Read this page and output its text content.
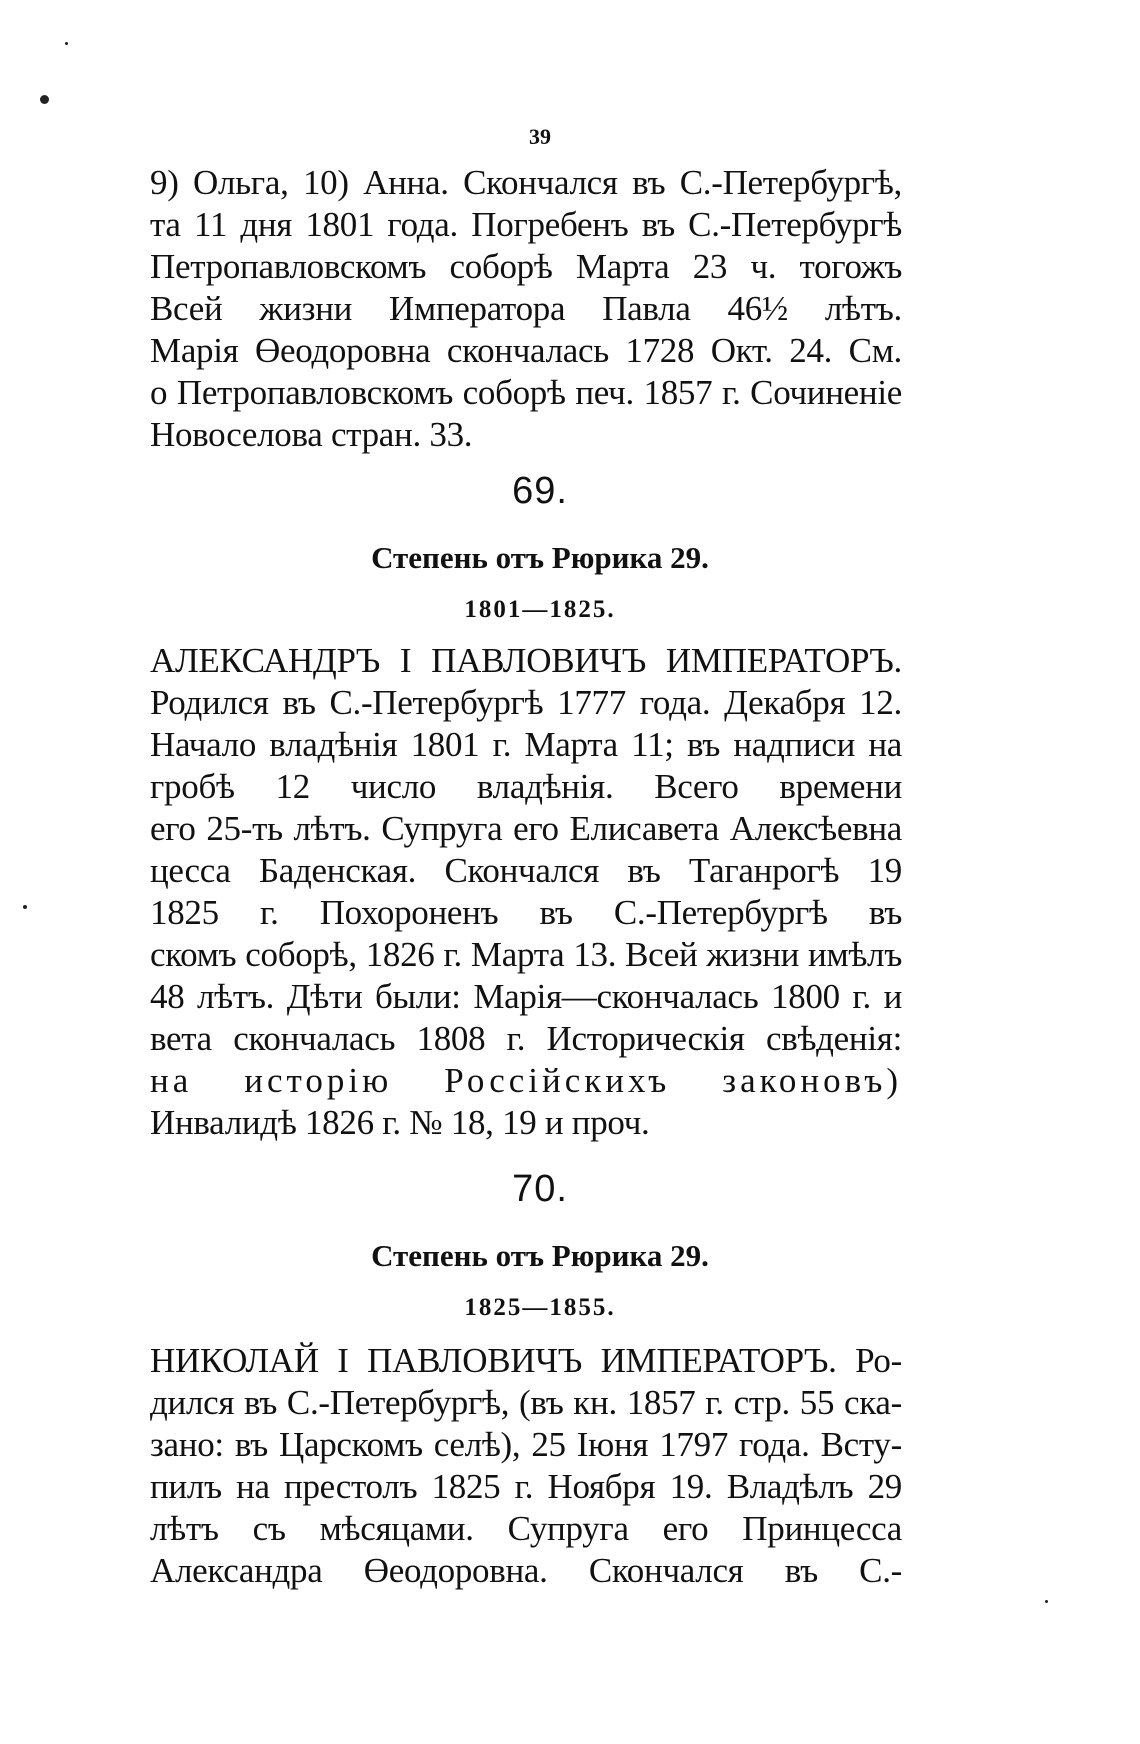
39
9) Ольга, 10) Анна. Скончался въ С.-Петербургѣ,
та 11 дня 1801 года. Погребенъ въ С.-Петербургѣ
Петропавловскомъ соборѣ Марта 23 ч. тогожъ
Всей жизни Императора Павла 46½ лѣтъ.
Марія Өеодоровна скончалась 1728 Окт. 24. См.
о Петропавловскомъ соборѣ печ. 1857 г. Сочиненіе
Новоселова стран. 33.
69.
Степень отъ Рюрика 29.
1801—1825.
АЛЕКСАНДРЪ I ПАВЛОВИЧЪ ИМПЕРАТОРЪ.
Родился въ С.-Петербургѣ 1777 года. Декабря 12.
Начало владѣнія 1801 г. Марта 11; въ надписи на
гробѣ 12 число владѣнія. Всего времени
его 25-ть лѣтъ. Супруга его Елисавета Алексѣевна
цесса Баденская. Скончался въ Таганрогѣ 19
1825 г. Похороненъ въ С.-Петербургѣ въ
скомъ соборѣ, 1826 г. Марта 13. Всей жизни имѣлъ
48 лѣтъ. Дѣти были: Марія—скончалась 1800 г. и
вета скончалась 1808 г. Историческія свѣденія:
на исторію Россійскихъ законовъ)
Инвалидѣ 1826 г. № 18, 19 и проч.
70.
Степень отъ Рюрика 29.
1825—1855.
НИКОЛАЙ I ПАВЛОВИЧЪ ИМПЕРАТОРЪ. Ро-
дился въ С.-Петербургѣ, (въ кн. 1857 г. стр. 55 ска-
зано: въ Царскомъ селѣ), 25 Іюня 1797 года. Всту-
пилъ на престолъ 1825 г. Ноября 19. Владѣлъ 29
лѣтъ съ мѣсяцами. Супруга его Принцесса
Александра Өеодоровна. Скончался въ С.-
